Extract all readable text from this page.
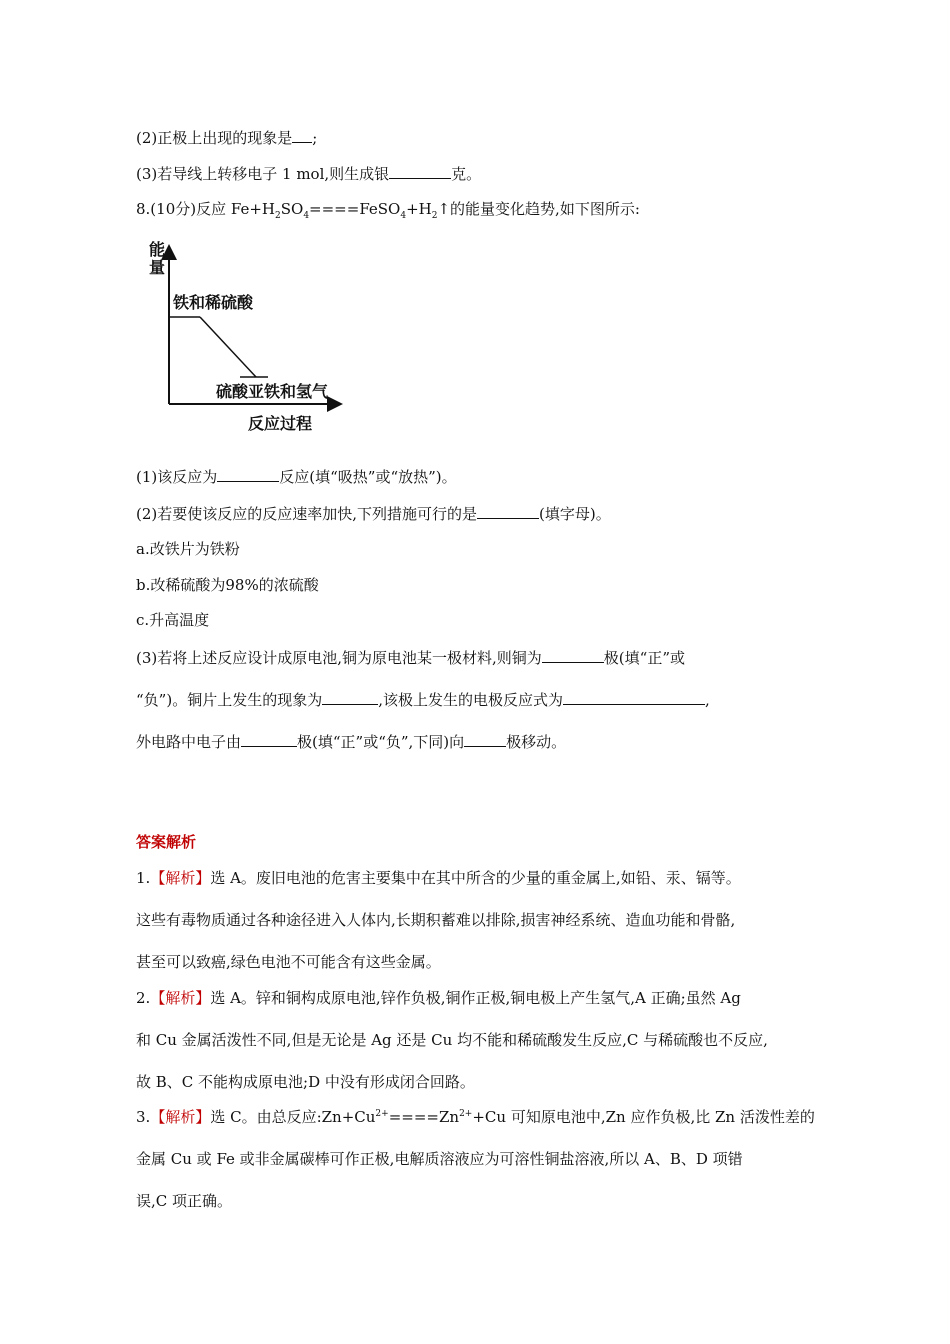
(2)正极上出现的现象是 ;

(3)若导线上转移电子 1 mol,则生成银	克。

8.(10分)反应 $Fe+H_2SO_4====FeSO_4+H_2↑$的能量变化趋势,如下图所示:

能
量
铁和稀硫酸
硫酸亚铁和氢气
反应过程

(1)该反应为	反应(填“吸热”或“放热”)。

(2)若要使该反应的反应速率加快,下列措施可行的是	(填字母)。

a.改铁片为铁粉

b.改稀硫酸为98%的浓硫酸

c.升高温度

(3)若将上述反应设计成原电池,铜为原电池某一极材料,则铜为	极(填“正”或

“负”)。铜片上发生的现象为	,该极上发生的电极反应式为	,

外电路中电子由	极(填“正”或“负”,下同)向	极移动。

答案解析

1.【解析】选 A。废旧电池的危害主要集中在其中所含的少量的重金属上,如铅、汞、镉等。

这些有毒物质通过各种途径进入人体内,长期积蓄难以排除,损害神经系统、造血功能和骨骼,

甚至可以致癌,绿色电池不可能含有这些金属。

2.【解析】选 A。锌和铜构成原电池,锌作负极,铜作正极,铜电极上产生氢气,A 正确;虽然 Ag

和 Cu 金属活泼性不同,但是无论是 Ag 还是 Cu 均不能和稀硫酸发生反应,C 与稀硫酸也不反应,

故 B、C 不能构成原电池;D 中没有形成闭合回路。

3.【解析】选 C。由总反应$:Zn+Cu^{2+}====Zn^{2+}+Cu$ 可知原电池中,Zn 应作负极,比 Zn 活泼性差的

金属 Cu 或 Fe 或非金属碳棒可作正极,电解质溶液应为可溶性铜盐溶液,所以 A、B、D 项错

误,C 项正确。
